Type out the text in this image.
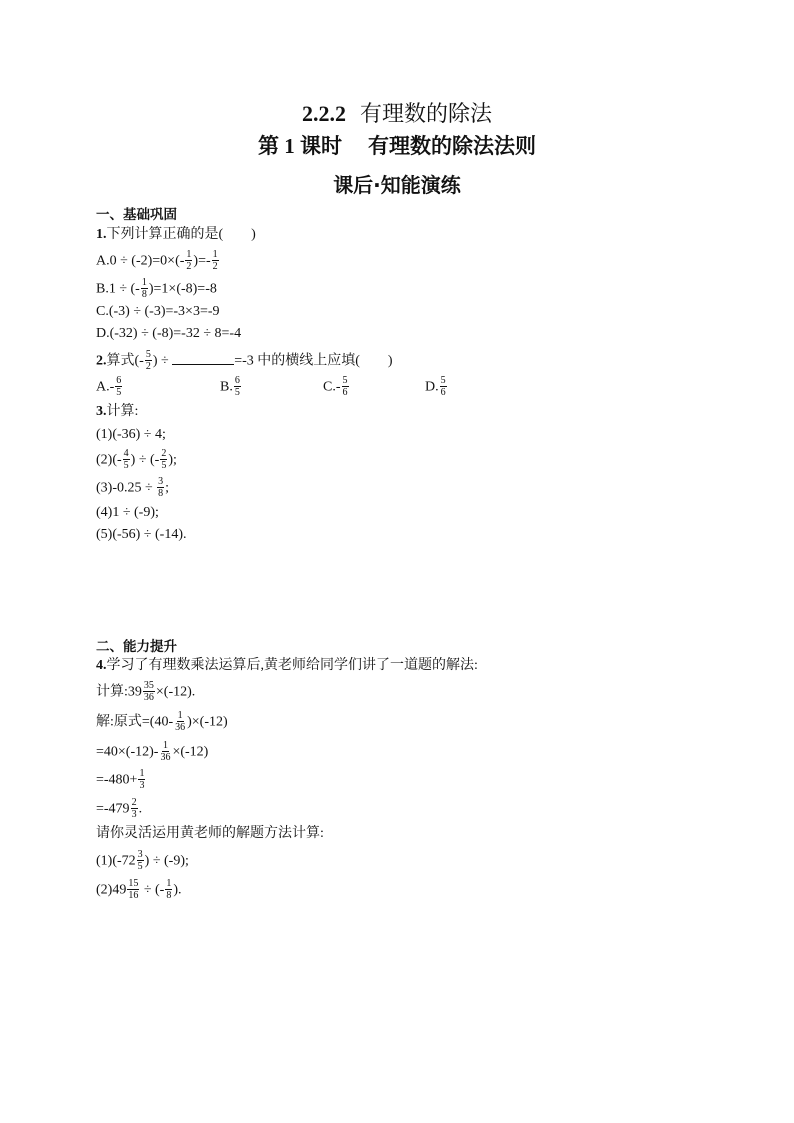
2.2.2 有理数的除法
第 1 课时 有理数的除法法则
课后·知能演练
一、基础巩固
1.下列计算正确的是(　　)
$A.0 \div (-2)=0\times(- \frac{1}{2}$ )=- $\frac{1}{2}$
B.1 ÷ (- $\frac{1}{8} )=1\times(-8)=-8$
C.(-3) ÷ (-3)=-3×3=-9
D.(-32) ÷ (-8)=-32 ÷ 8=-4
2.算式(- $\frac{5}{2}$ ) ÷	=-3 中的横线上应填(　　)
$A.- \frac{6}{5}$	B. $\frac{6}{5}$	$C.- \frac{5}{6}$	D. $\frac{5}{6}$
3.计算:
(1)(-36) ÷ 4;
$(2)(- \frac{4}{5}$ ) ÷ (- $\frac{2}{5}$ );
$(3)-0.25 \div \frac{3}{8}$ ;
(4)1 ÷ (-9);
(5)(-56) ÷ (-14).
二、能力提升
4.学习了有理数乘法运算后,黄老师给同学们讲了一道题的解法:
计算:39 $\frac{35}{36} \times(-12)$.
解:原式$=(40- \frac{1}{36} )\times(-12)$
$=40\times(-12)- \frac{1}{36} \times(-12)$
$=-480+ \frac{1}{3}$
$=-479 \frac{2}{3}$ .
请你灵活运用黄老师的解题方法计算:
$(1)(-72 \frac{3}{5}$ ) ÷ (-9);
$(2)49 \frac{15}{16}$ ÷ (- $\frac{1}{8}$ ).
